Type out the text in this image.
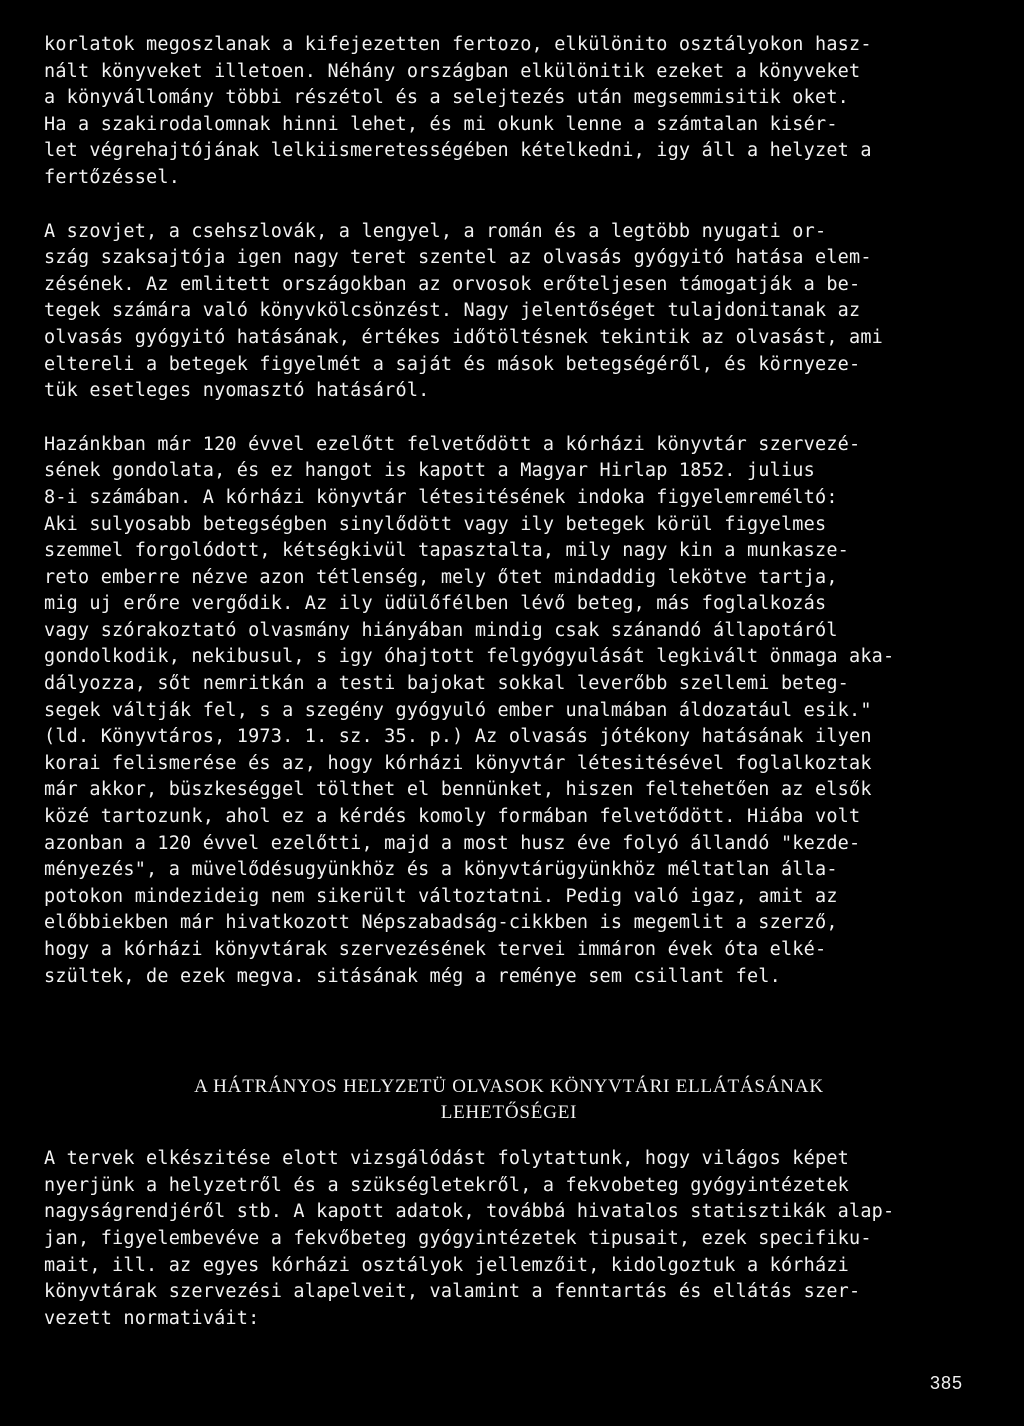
korlatok megoszlanak a kifejezetten fertozo, elkülönito osztályokon hasz-
nált könyveket illetoen. Néhány országban elkülönitik ezeket a könyveket
a könyvállomány többi részétol és a selejtezés után megsemmisitik oket.
Ha a szakirodalomnak hinni lehet, és mi okunk lenne a számtalan kisér-
let végrehajtójának lelkiismeretességében kételkedni, igy áll a helyzet a
fertőzéssel.
A szovjet, a csehszlovák, a lengyel, a román és a legtöbb nyugati or-
szág szaksajtója igen nagy teret szentel az olvasás gyógyitó hatása elem-
zésének. Az emlitett országokban az orvosok erőteljesen támogatják a be-
tegek számára való könyvkölcsönzést. Nagy jelentőséget tulajdonitanak az
olvasás gyógyitó hatásának, értékes időtöltésnek tekintik az olvasást, ami
eltereli a betegek figyelmét a saját és mások betegségéről, és környeze-
tük esetleges nyomasztó hatásáról.
Hazánkban már 120 évvel ezelőtt felvetődött a kórházi könyvtár szervezé-
sének gondolata, és ez hangot is kapott a Magyar Hirlap 1852. julius
8-i számában. A kórházi könyvtár létesitésének indoka figyelemreméltó:
Aki sulyosabb betegségben sinylődött vagy ily betegek körül figyelmes
szemmel forgolódott, kétségkivül tapasztalta, mily nagy kin a munkasze-
reto emberre nézve azon tétlenség, mely őtet mindaddig lekötve tartja,
mig uj erőre vergődik. Az ily üdülőfélben lévő beteg, más foglalkozás
vagy szórakoztató olvasmány hiányában mindig csak szánandó állapotáról
gondolkodik, nekibusul, s igy óhajtott felgyógyulását legkivált önmaga aka-
dályozza, sőt nemritkán a testi bajokat sokkal leverőbb szellemi beteg-
segek váltják fel, s a szegény gyógyuló ember unalmában áldozatául esik."
(ld. Könyvtáros, 1973. 1. sz. 35. p.) Az olvasás jótékony hatásának ilyen
korai felismerése és az, hogy kórházi könyvtár létesitésével foglalkoztak
már akkor, büszkeséggel tölthet el bennünket, hiszen feltehetően az elsők
közé tartozunk, ahol ez a kérdés komoly formában felvetődött. Hiába volt
azonban a 120 évvel ezelőtti, majd a most husz éve folyó állandó "kezde-
ményezés", a müvelődésugyünkhöz és a könyvtárügyünkhöz méltatlan álla-
potokon mindezideig nem sikerült változtatni. Pedig való igaz, amit az
előbbiekben már hivatkozott Népszabadság-cikkben is megemlit a szerző,
hogy a kórházi könyvtárak szervezésének tervei immáron évek óta elké-
szültek, de ezek megva. sitásának még a reménye sem csillant fel.
A HÁTRÁNYOS HELYZETÜ OLVASOK KÖNYVTÁRI ELLÁTÁSÁNAK
LEHETŐSÉGEI
A tervek elkészitése elott vizsgálódást folytattunk, hogy világos képet
nyerjünk a helyzetről és a szükségletekről, a fekvobeteg gyógyintézetek
nagyságrendjéről stb. A kapott adatok, továbbá hivatalos statisztikák alap-
jan, figyelembevéve a fekvőbeteg gyógyintézetek tipusait, ezek specifiku-
mait, ill. az egyes kórházi osztályok jellemzőit, kidolgoztuk a kórházi
könyvtárak szervezési alapelveit, valamint a fenntartás és ellátás szer-
vezett normativáit:
385
